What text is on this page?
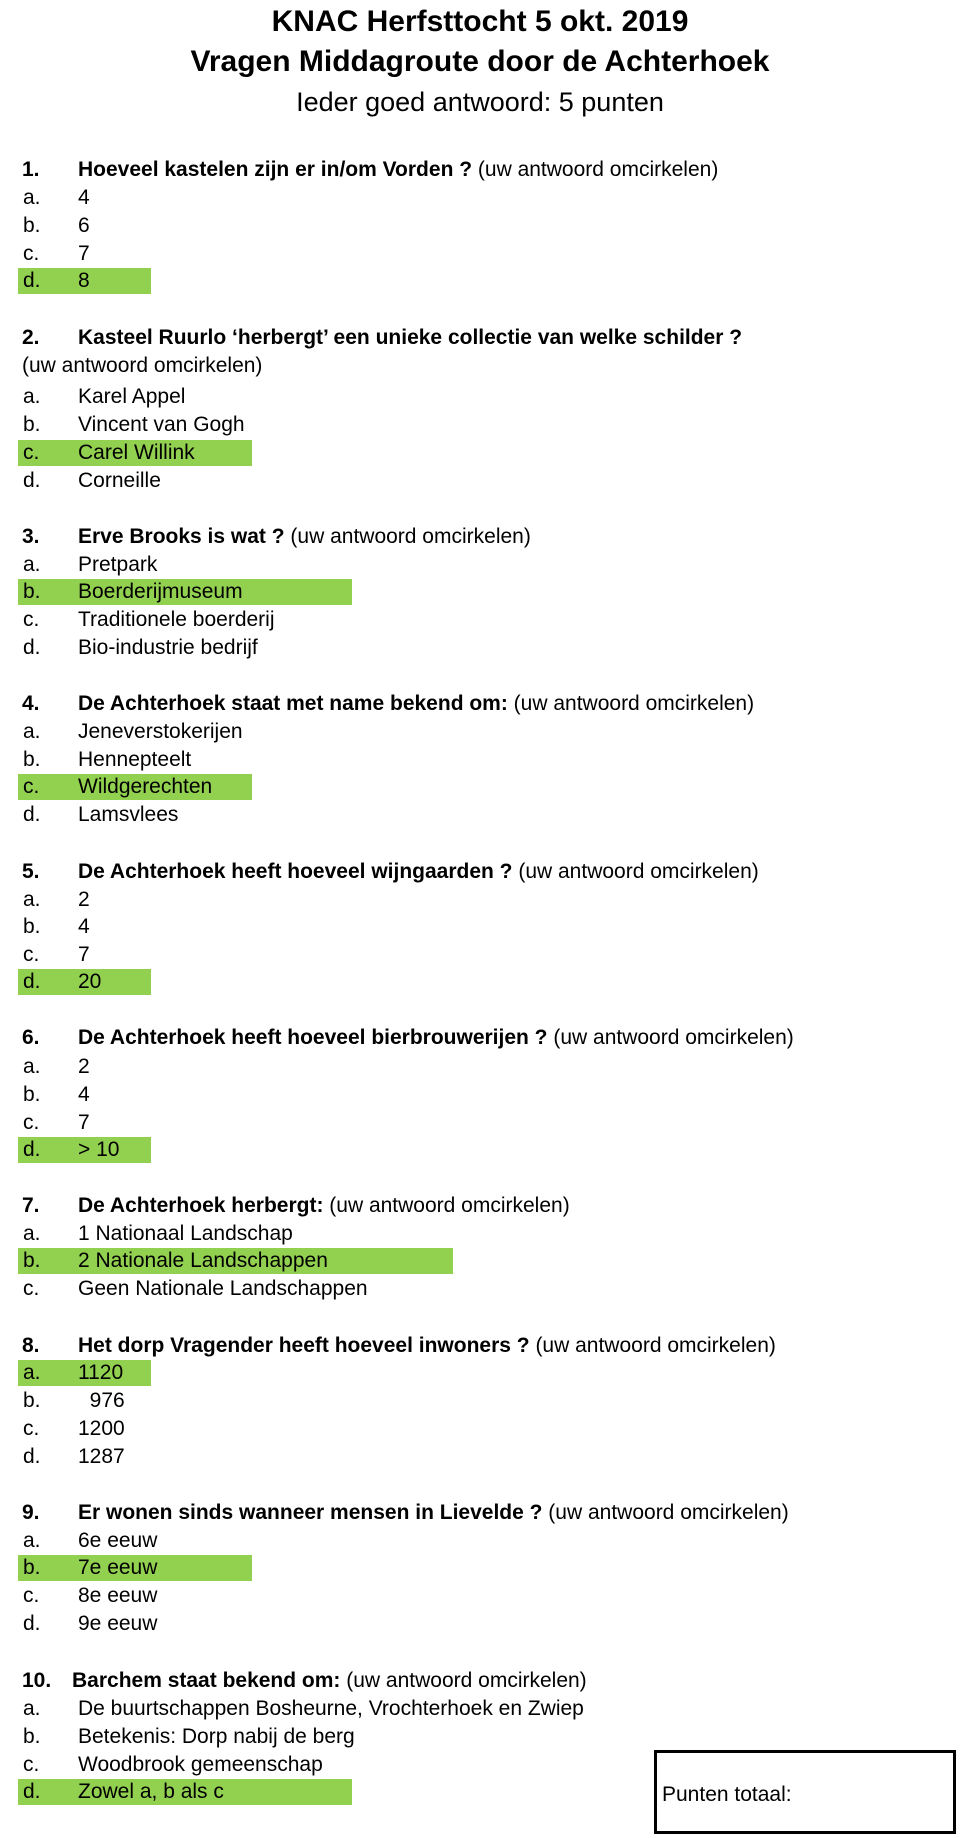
KNAC Herfsttocht 5 okt. 2019
Vragen Middagroute door de Achterhoek
Ieder goed antwoord: 5 punten
1. Hoeveel kastelen zijn er in/om Vorden ? (uw antwoord omcirkelen)
a. 4
b. 6
c. 7
d. 8
2. Kasteel Ruurlo ‘herbergt’ een unieke collectie van welke schilder ?
(uw antwoord omcirkelen)
a. Karel Appel
b. Vincent van Gogh
c. Carel Willink
d. Corneille
3. Erve Brooks is wat ? (uw antwoord omcirkelen)
a. Pretpark
b. Boerderijmuseum
c. Traditionele boerderij
d. Bio-industrie bedrijf
4. De Achterhoek staat met name bekend om: (uw antwoord omcirkelen)
a. Jeneverstokerijen
b. Hennepteelt
c. Wildgerechten
d. Lamsvlees
5. De Achterhoek heeft hoeveel wijngaarden ? (uw antwoord omcirkelen)
a. 2
b. 4
c. 7
d. 20
6. De Achterhoek heeft hoeveel bierbrouwerijen ? (uw antwoord omcirkelen)
a. 2
b. 4
c. 7
d. > 10
7. De Achterhoek herbergt: (uw antwoord omcirkelen)
a. 1 Nationaal Landschap
b. 2 Nationale Landschappen
c. Geen Nationale Landschappen
8. Het dorp Vragender heeft hoeveel inwoners ? (uw antwoord omcirkelen)
a. 1120
b. 976
c. 1200
d. 1287
9. Er wonen sinds wanneer mensen in Lievelde ? (uw antwoord omcirkelen)
a. 6e eeuw
b. 7e eeuw
c. 8e eeuw
d. 9e eeuw
10. Barchem staat bekend om: (uw antwoord omcirkelen)
a. De buurtschappen Bosheurne, Vrochterhoek en Zwiep
b. Betekenis: Dorp nabij de berg
c. Woodbrook gemeenschap
d. Zowel a, b als c	Punten totaal:
